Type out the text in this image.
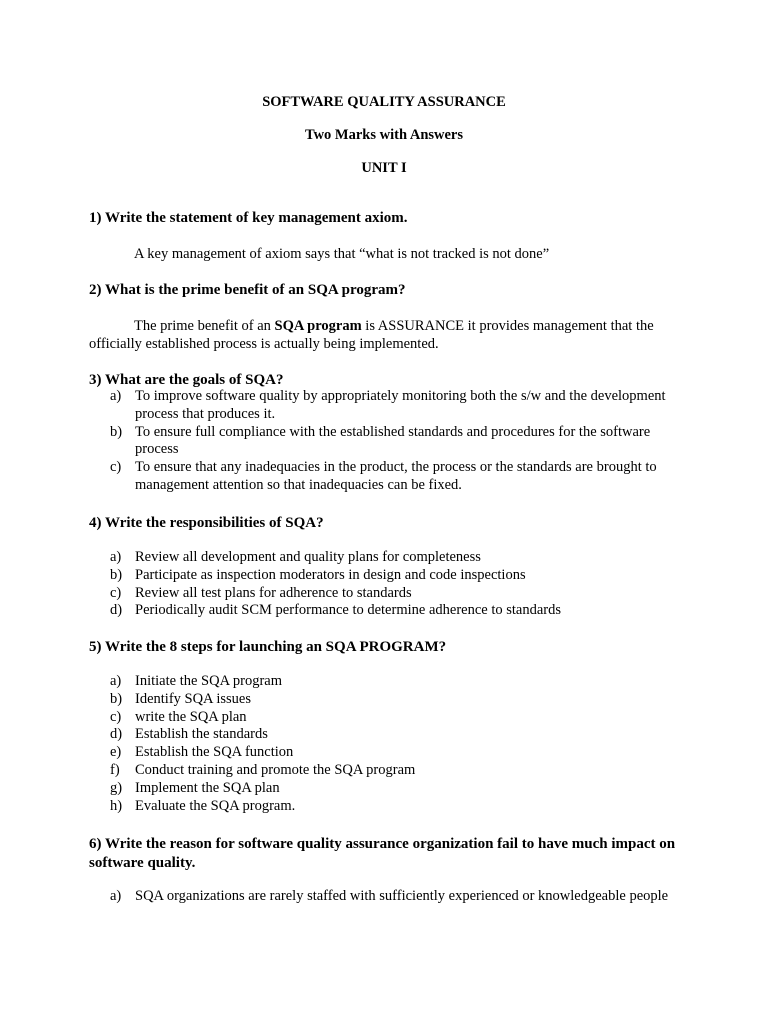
SOFTWARE QUALITY ASSURANCE
Two Marks with Answers
UNIT I
1) Write the statement of key management axiom.
A key management of axiom says that “what is not tracked is not done”
2) What is the prime benefit of an SQA program?
The prime benefit of an SQA program is ASSURANCE it provides management that the
officially established process is actually being implemented.
3) What are the goals of SQA?
a) To improve software quality by appropriately monitoring both the s/w and the development process that produces it.
b) To ensure full compliance with the established standards and procedures for the software process
c) To ensure that any inadequacies in the product, the process or the standards are brought to management attention so that inadequacies can be fixed.
4) Write the responsibilities of SQA?
a) Review all development and quality plans for completeness
b) Participate as inspection moderators in design and code inspections
c) Review all test plans for adherence to standards
d) Periodically audit SCM performance to determine adherence to standards
5) Write the 8 steps for launching an SQA PROGRAM?
a) Initiate the SQA program
b) Identify SQA issues
c) write the SQA plan
d) Establish the standards
e) Establish the SQA function
f) Conduct training and promote the SQA program
g) Implement the SQA plan
h) Evaluate the SQA program.
6) Write the reason for software quality assurance organization fail to have much impact on software quality.
a) SQA organizations are rarely staffed with sufficiently experienced or knowledgeable people
